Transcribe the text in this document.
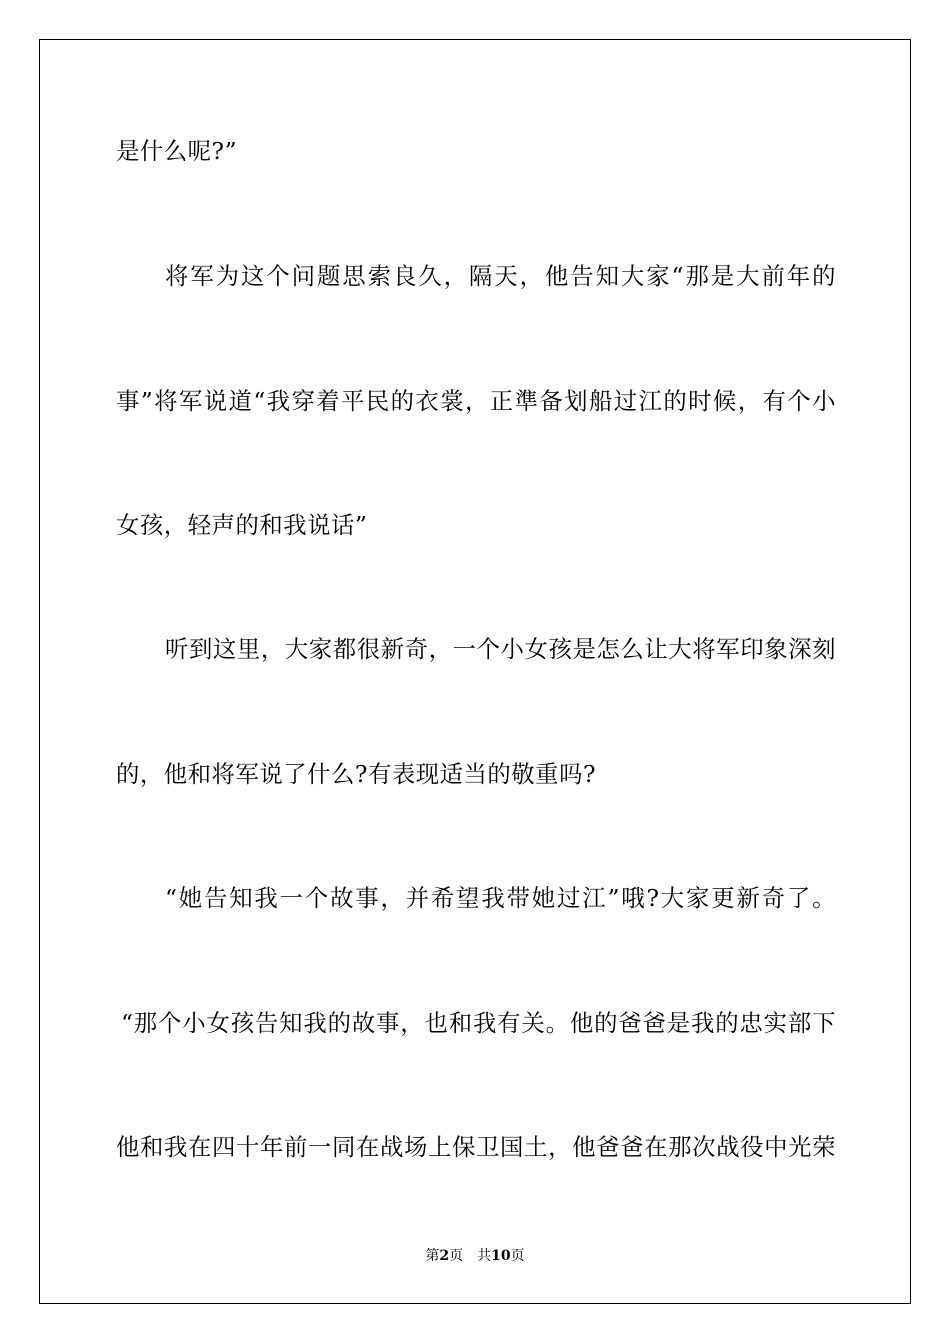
是什么呢?”
将军为这个问题思索良久，隔天，他告知大家“那是大前年的
事”将军说道“我穿着平民的衣裳，正準备划船过江的时候，有个小
女孩，轻声的和我说话”
听到这里，大家都很新奇，一个小女孩是怎么让大将军印象深刻
的，他和将军说了什么?有表现适当的敬重吗?
“她告知我一个故事，并希望我带她过江”哦?大家更新奇了。
“那个小女孩告知我的故事，也和我有关。他的爸爸是我的忠实部下
他和我在四十年前一同在战场上保卫国土，他爸爸在那次战役中光荣
第2页 共10页
